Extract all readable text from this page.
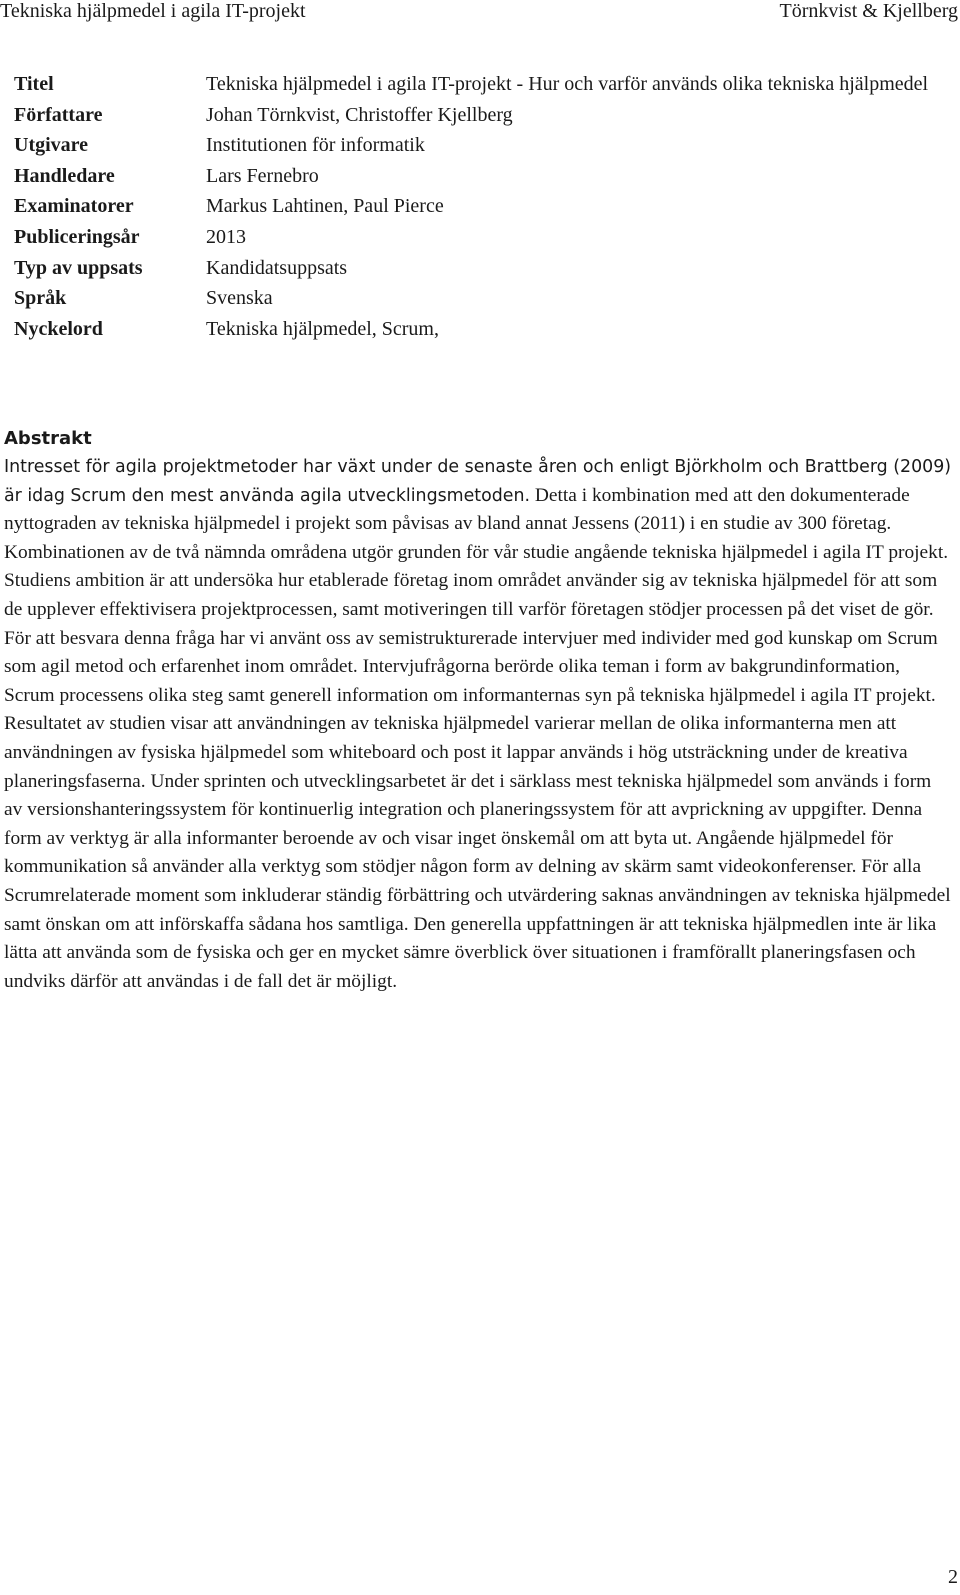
Tekniska hjälpmedel i agila IT-projekt	Törnkvist & Kjellberg
Titel	Tekniska hjälpmedel i agila IT-projekt - Hur och varför används olika tekniska hjälpmedel
Författare	Johan Törnkvist, Christoffer Kjellberg
Utgivare	Institutionen för informatik
Handledare	Lars Fernebro
Examinatorer	Markus Lahtinen, Paul Pierce
Publiceringsår	2013
Typ av uppsats	Kandidatsuppsats
Språk	Svenska
Nyckelord	Tekniska hjälpmedel, Scrum,
Abstrakt

Intresset för agila projektmetoder har växt under de senaste åren och enligt Björkholm och Brattberg (2009) är idag Scrum den mest använda agila utvecklingsmetoden. Detta i kombination med att den dokumenterade nyttograden av tekniska hjälpmedel i projekt som påvisas av bland annat Jessens (2011) i en studie av 300 företag. Kombinationen av de två nämnda områdena utgör grunden för vår studie angående tekniska hjälpmedel i agila IT projekt. Studiens ambition är att undersöka hur etablerade företag inom området använder sig av tekniska hjälpmedel för att som de upplever effektivisera projektprocessen, samt motiveringen till varför företagen stödjer processen på det viset de gör. För att besvara denna fråga har vi använt oss av semistrukturerade intervjuer med individer med god kunskap om Scrum som agil metod och erfarenhet inom området. Intervjufrågorna berörde olika teman i form av bakgrundinformation, Scrum processens olika steg samt generell information om informanternas syn på tekniska hjälpmedel i agila IT projekt. Resultatet av studien visar att användningen av tekniska hjälpmedel varierar mellan de olika informanterna men att användningen av fysiska hjälpmedel som whiteboard och post it lappar används i hög utsträckning under de kreativa planeringsfaserna. Under sprinten och utvecklingsarbetet är det i särklass mest tekniska hjälpmedel som används i form av versionshanteringssystem för kontinuerlig integration och planeringssystem för att avprickning av uppgifter. Denna form av verktyg är alla informanter beroende av och visar inget önskemål om att byta ut. Angående hjälpmedel för kommunikation så använder alla verktyg som stödjer någon form av delning av skärm samt videokonferenser. För alla Scrumrelaterade moment som inkluderar ständig förbättring och utvärdering saknas användningen av tekniska hjälpmedel samt önskan om att införskaffa sådana hos samtliga. Den generella uppfattningen är att tekniska hjälpmedlen inte är lika lätta att använda som de fysiska och ger en mycket sämre överblick över situationen i framförallt planeringsfasen och undviks därför att användas i de fall det är möjligt.

2
